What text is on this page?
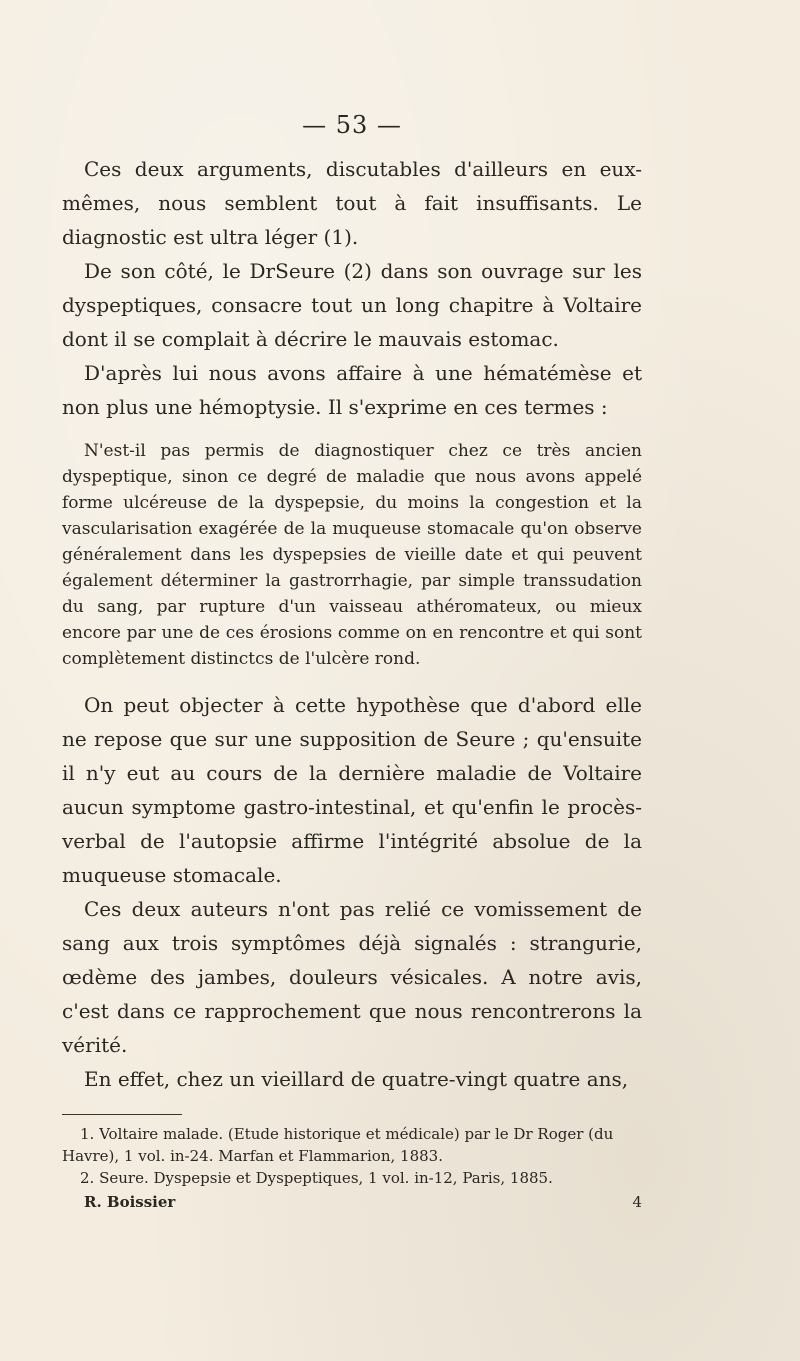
— 53 —

Ces deux arguments, discutables d'ailleurs en eux-mêmes, nous semblent tout à fait insuffisants. Le diagnostic est ultra léger (1).

De son côté, le DrSeure (2) dans son ouvrage sur les dyspeptiques, consacre tout un long chapitre à Voltaire dont il se complait à décrire le mauvais estomac.

D'après lui nous avons affaire à une hématémèse et non plus une hémoptysie. Il s'exprime en ces termes :

N'est-il pas permis de diagnostiquer chez ce très ancien dyspeptique, sinon ce degré de maladie que nous avons appelé forme ulcéreuse de la dyspepsie, du moins la congestion et la vascularisation exagérée de la muqueuse stomacale qu'on observe généralement dans les dyspepsies de vieille date et qui peuvent également déterminer la gastrorrhagie, par simple transsudation du sang, par rupture d'un vaisseau athéromateux, ou mieux encore par une de ces érosions comme on en rencontre et qui sont complètement distinctcs de l'ulcère rond.

On peut objecter à cette hypothèse que d'abord elle ne repose que sur une supposition de Seure ; qu'ensuite il n'y eut au cours de la dernière maladie de Voltaire aucun symptome gastro-intestinal, et qu'enfin le procès-verbal de l'autopsie affirme l'intégrité absolue de la muqueuse stomacale.

Ces deux auteurs n'ont pas relié ce vomissement de sang aux trois symptômes déjà signalés : strangurie, œdème des jambes, douleurs vésicales. A notre avis, c'est dans ce rapprochement que nous rencontrerons la vérité.

En effet, chez un vieillard de quatre-vingt quatre ans,

1. Voltaire malade. (Etude historique et médicale) par le Dr Roger (du Havre), 1 vol. in-24. Marfan et Flammarion, 1883.

2. Seure. Dyspepsie et Dyspeptiques, 1 vol. in-12, Paris, 1885.

R. Boissier	4
